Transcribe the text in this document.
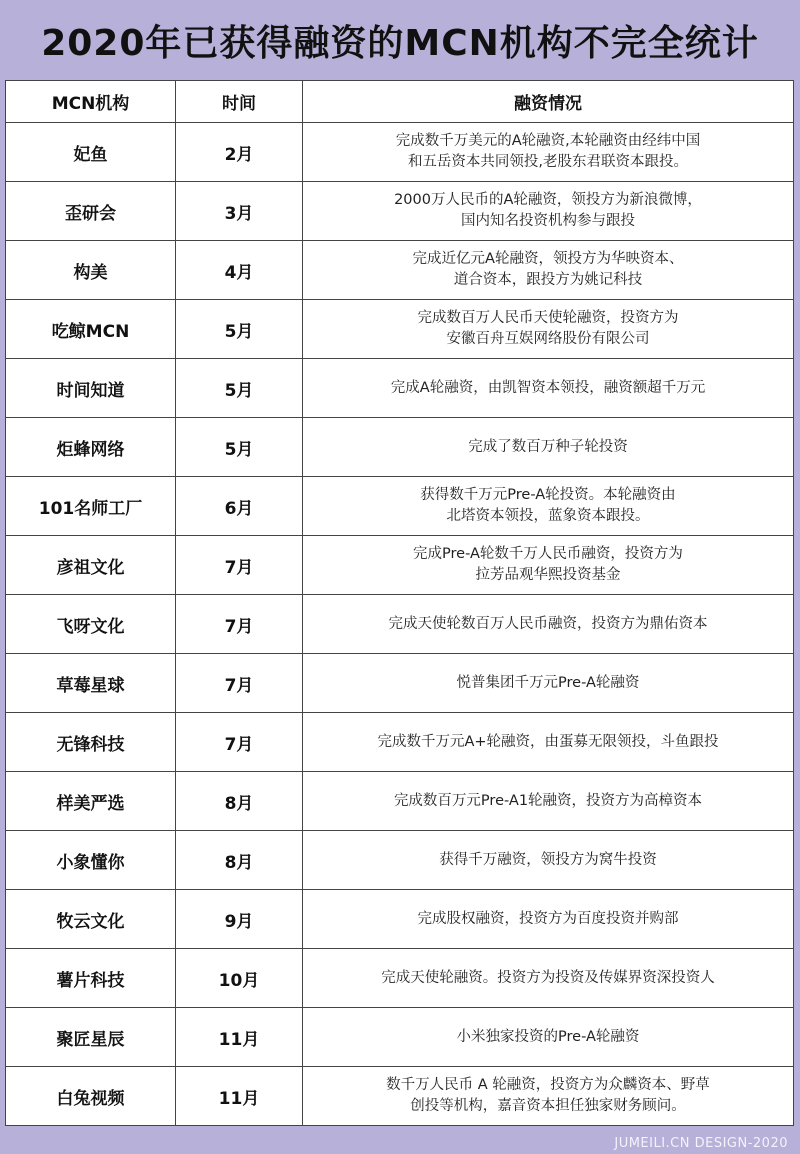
2020年已获得融资的MCN机构不完全统计
MCN机构	时间	融资情况
妃鱼	2月	完成数千万美元的A轮融资,本轮融资由经纬中国
和五岳资本共同领投,老股东君联资本跟投。

歪研会	3月	2000万人民币的A轮融资，领投方为新浪微博，
国内知名投资机构参与跟投

构美	4月	完成近亿元A轮融资，领投方为华映资本、
道合资本，跟投方为姚记科技

吃鲸MCN	5月	完成数百万人民币天使轮融资，投资方为
安徽百舟互娱网络股份有限公司

时间知道	5月	完成A轮融资，由凯智资本领投，融资额超千万元

炬蜂网络	5月	完成了数百万种子轮投资

101名师工厂	6月	获得数千万元Pre-A轮投资。本轮融资由
北塔资本领投，蓝象资本跟投。

彦祖文化	7月	完成Pre-A轮数千万人民币融资，投资方为
拉芳品观华熙投资基金

飞呀文化	7月	完成天使轮数百万人民币融资，投资方为鼎佑资本

草莓星球	7月	悦普集团千万元Pre-A轮融资

无锋科技	7月	完成数千万元A+轮融资，由蛋募无限领投，斗鱼跟投

样美严选	8月	完成数百万元Pre-A1轮融资，投资方为高樟资本

小象懂你	8月	获得千万融资，领投方为窝牛投资

牧云文化	9月	完成股权融资，投资方为百度投资并购部

薯片科技	10月	完成天使轮融资。投资方为投资及传媒界资深投资人

聚匠星辰	11月	小米独家投资的Pre-A轮融资

白兔视频	11月	数千万人民币 A 轮融资，投资方为众麟资本、野草
创投等机构，嘉音资本担任独家财务顾问。
JUMEILI.CN DESIGN-2020
